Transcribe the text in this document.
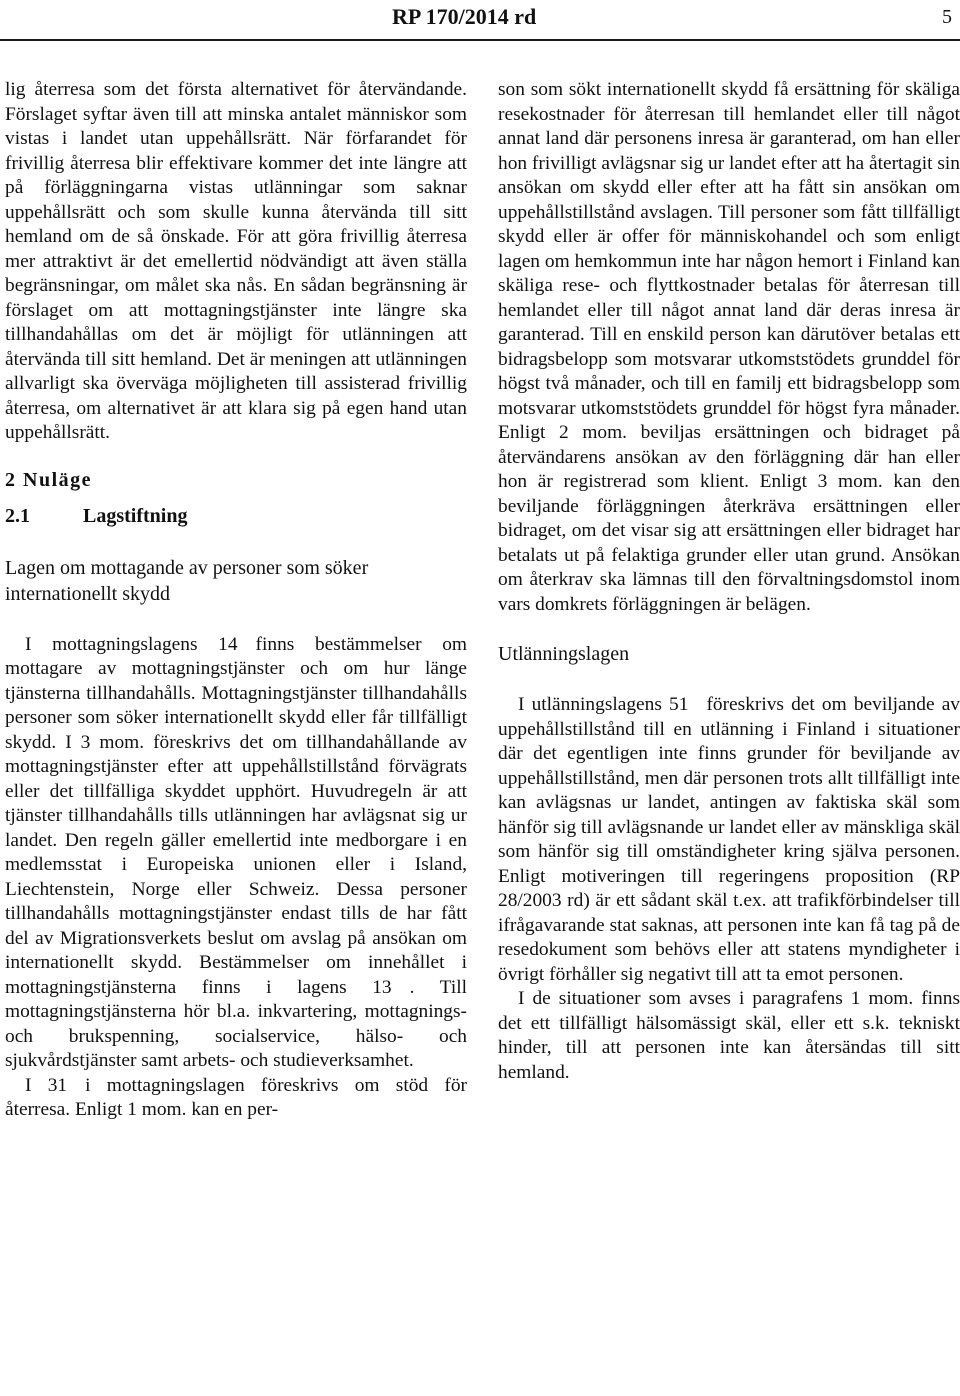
RP 170/2014 rd	5

lig återresa som det första alternativet för återvändande. Förslaget syftar även till att minska antalet människor som vistas i landet utan uppehållsrätt. När förfarandet för frivillig återresa blir effektivare kommer det inte längre att på förläggningarna vistas utlänningar som saknar uppehållsrätt och som skulle kunna återvända till sitt hemland om de så önskade. För att göra frivillig återresa mer attraktivt är det emellertid nödvändigt att även ställa begränsningar, om målet ska nås. En sådan begränsning är förslaget om att mottagningstjänster inte längre ska tillhandahållas om det är möjligt för utlänningen att återvända till sitt hemland. Det är meningen att utlänningen allvarligt ska överväga möjligheten till assisterad frivillig återresa, om alternativet är att klara sig på egen hand utan uppehållsrätt.

2 Nuläge

2.1	Lagstiftning

Lagen om mottagande av personer som söker internationellt skydd

I mottagningslagens 14 finns bestämmelser om mottagare av mottagningstjänster och om hur länge tjänsterna tillhandahålls. Mottagningstjänster tillhandahålls personer som söker internationellt skydd eller får tillfälligt skydd. I 3 mom. föreskrivs det om tillhandahållande av mottagningstjänster efter att uppehållstillstånd förvägrats eller det tillfälliga skyddet upphört. Huvudregeln är att tjänster tillhandahålls tills utlänningen har avlägsnat sig ur landet. Den regeln gäller emellertid inte medborgare i en medlemsstat i Europeiska unionen eller i Island, Liechtenstein, Norge eller Schweiz. Dessa personer tillhandahålls mottagningstjänster endast tills de har fått del av Migrationsverkets beslut om avslag på ansökan om internationellt skydd. Bestämmelser om innehållet i mottagningstjänsterna finns i lagens 13 . Till mottagningstjänsterna hör bl.a. inkvartering, mottagnings- och brukspenning, socialservice, hälso- och sjukvårdstjänster samt arbets- och studieverksamhet.

I 31 i mottagningslagen föreskrivs om stöd för återresa. Enligt 1 mom. kan en per-

son som sökt internationellt skydd få ersättning för skäliga resekostnader för återresan till hemlandet eller till något annat land där personens inresa är garanterad, om han eller hon frivilligt avlägsnar sig ur landet efter att ha återtagit sin ansökan om skydd eller efter att ha fått sin ansökan om uppehållstillstånd avslagen. Till personer som fått tillfälligt skydd eller är offer för människohandel och som enligt lagen om hemkommun inte har någon hemort i Finland kan skäliga rese- och flyttkostnader betalas för återresan till hemlandet eller till något annat land där deras inresa är garanterad. Till en enskild person kan därutöver betalas ett bidragsbelopp som motsvarar utkomststödets grunddel för högst två månader, och till en familj ett bidragsbelopp som motsvarar utkomststödets grunddel för högst fyra månader. Enligt 2 mom. beviljas ersättningen och bidraget på återvändarens ansökan av den förläggning där han eller hon är registrerad som klient. Enligt 3 mom. kan den beviljande förläggningen återkräva ersättningen eller bidraget, om det visar sig att ersättningen eller bidraget har betalats ut på felaktiga grunder eller utan grund. Ansökan om återkrav ska lämnas till den förvaltningsdomstol inom vars domkrets förläggningen är belägen.

Utlänningslagen

I utlänningslagens 51 föreskrivs det om beviljande av uppehållstillstånd till en utlänning i Finland i situationer där det egentligen inte finns grunder för beviljande av uppehållstillstånd, men där personen trots allt tillfälligt inte kan avlägsnas ur landet, antingen av faktiska skäl som hänför sig till avlägsnande ur landet eller av mänskliga skäl som hänför sig till omständigheter kring själva personen. Enligt motiveringen till regeringens proposition (RP 28/2003 rd) är ett sådant skäl t.ex. att trafikförbindelser till ifrågavarande stat saknas, att personen inte kan få tag på de resedokument som behövs eller att statens myndigheter i övrigt förhåller sig negativt till att ta emot personen.

I de situationer som avses i paragrafens 1 mom. finns det ett tillfälligt hälsomässigt skäl, eller ett s.k. tekniskt hinder, till att personen inte kan återsändas till sitt hemland.
